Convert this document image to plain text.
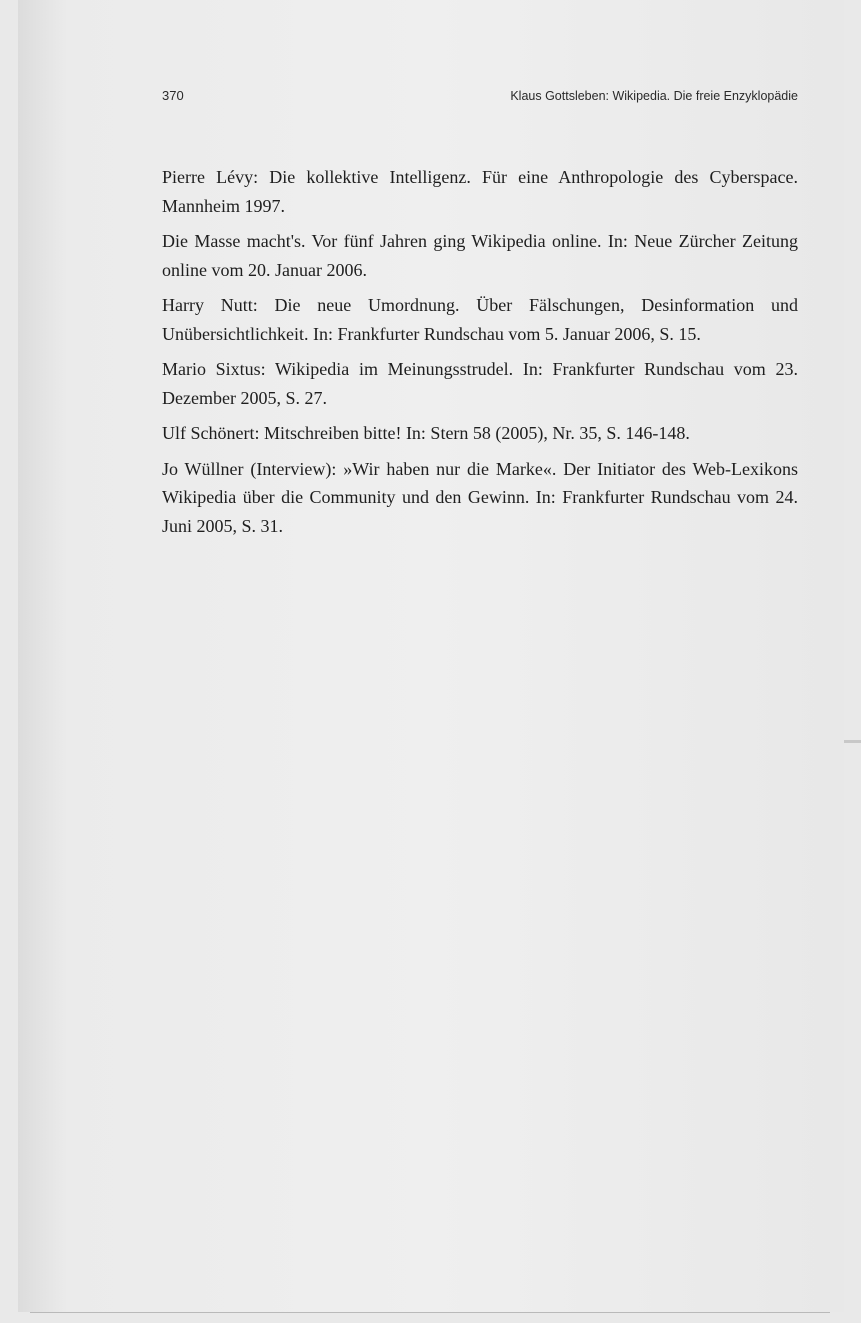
370	Klaus Gottsleben: Wikipedia. Die freie Enzyklopädie

Pierre Lévy: Die kollektive Intelligenz. Für eine Anthropologie des Cyberspace. Mannheim 1997.

Die Masse macht's. Vor fünf Jahren ging Wikipedia online. In: Neue Zürcher Zeitung online vom 20. Januar 2006.

Harry Nutt: Die neue Umordnung. Über Fälschungen, Desinformation und Unübersichtlichkeit. In: Frankfurter Rundschau vom 5. Januar 2006, S. 15.

Mario Sixtus: Wikipedia im Meinungsstrudel. In: Frankfurter Rundschau vom 23. Dezember 2005, S. 27.

Ulf Schönert: Mitschreiben bitte! In: Stern 58 (2005), Nr. 35, S. 146-148.

Jo Wüllner (Interview): »Wir haben nur die Marke«. Der Initiator des Web-Lexikons Wikipedia über die Community und den Gewinn. In: Frankfurter Rundschau vom 24. Juni 2005, S. 31.
